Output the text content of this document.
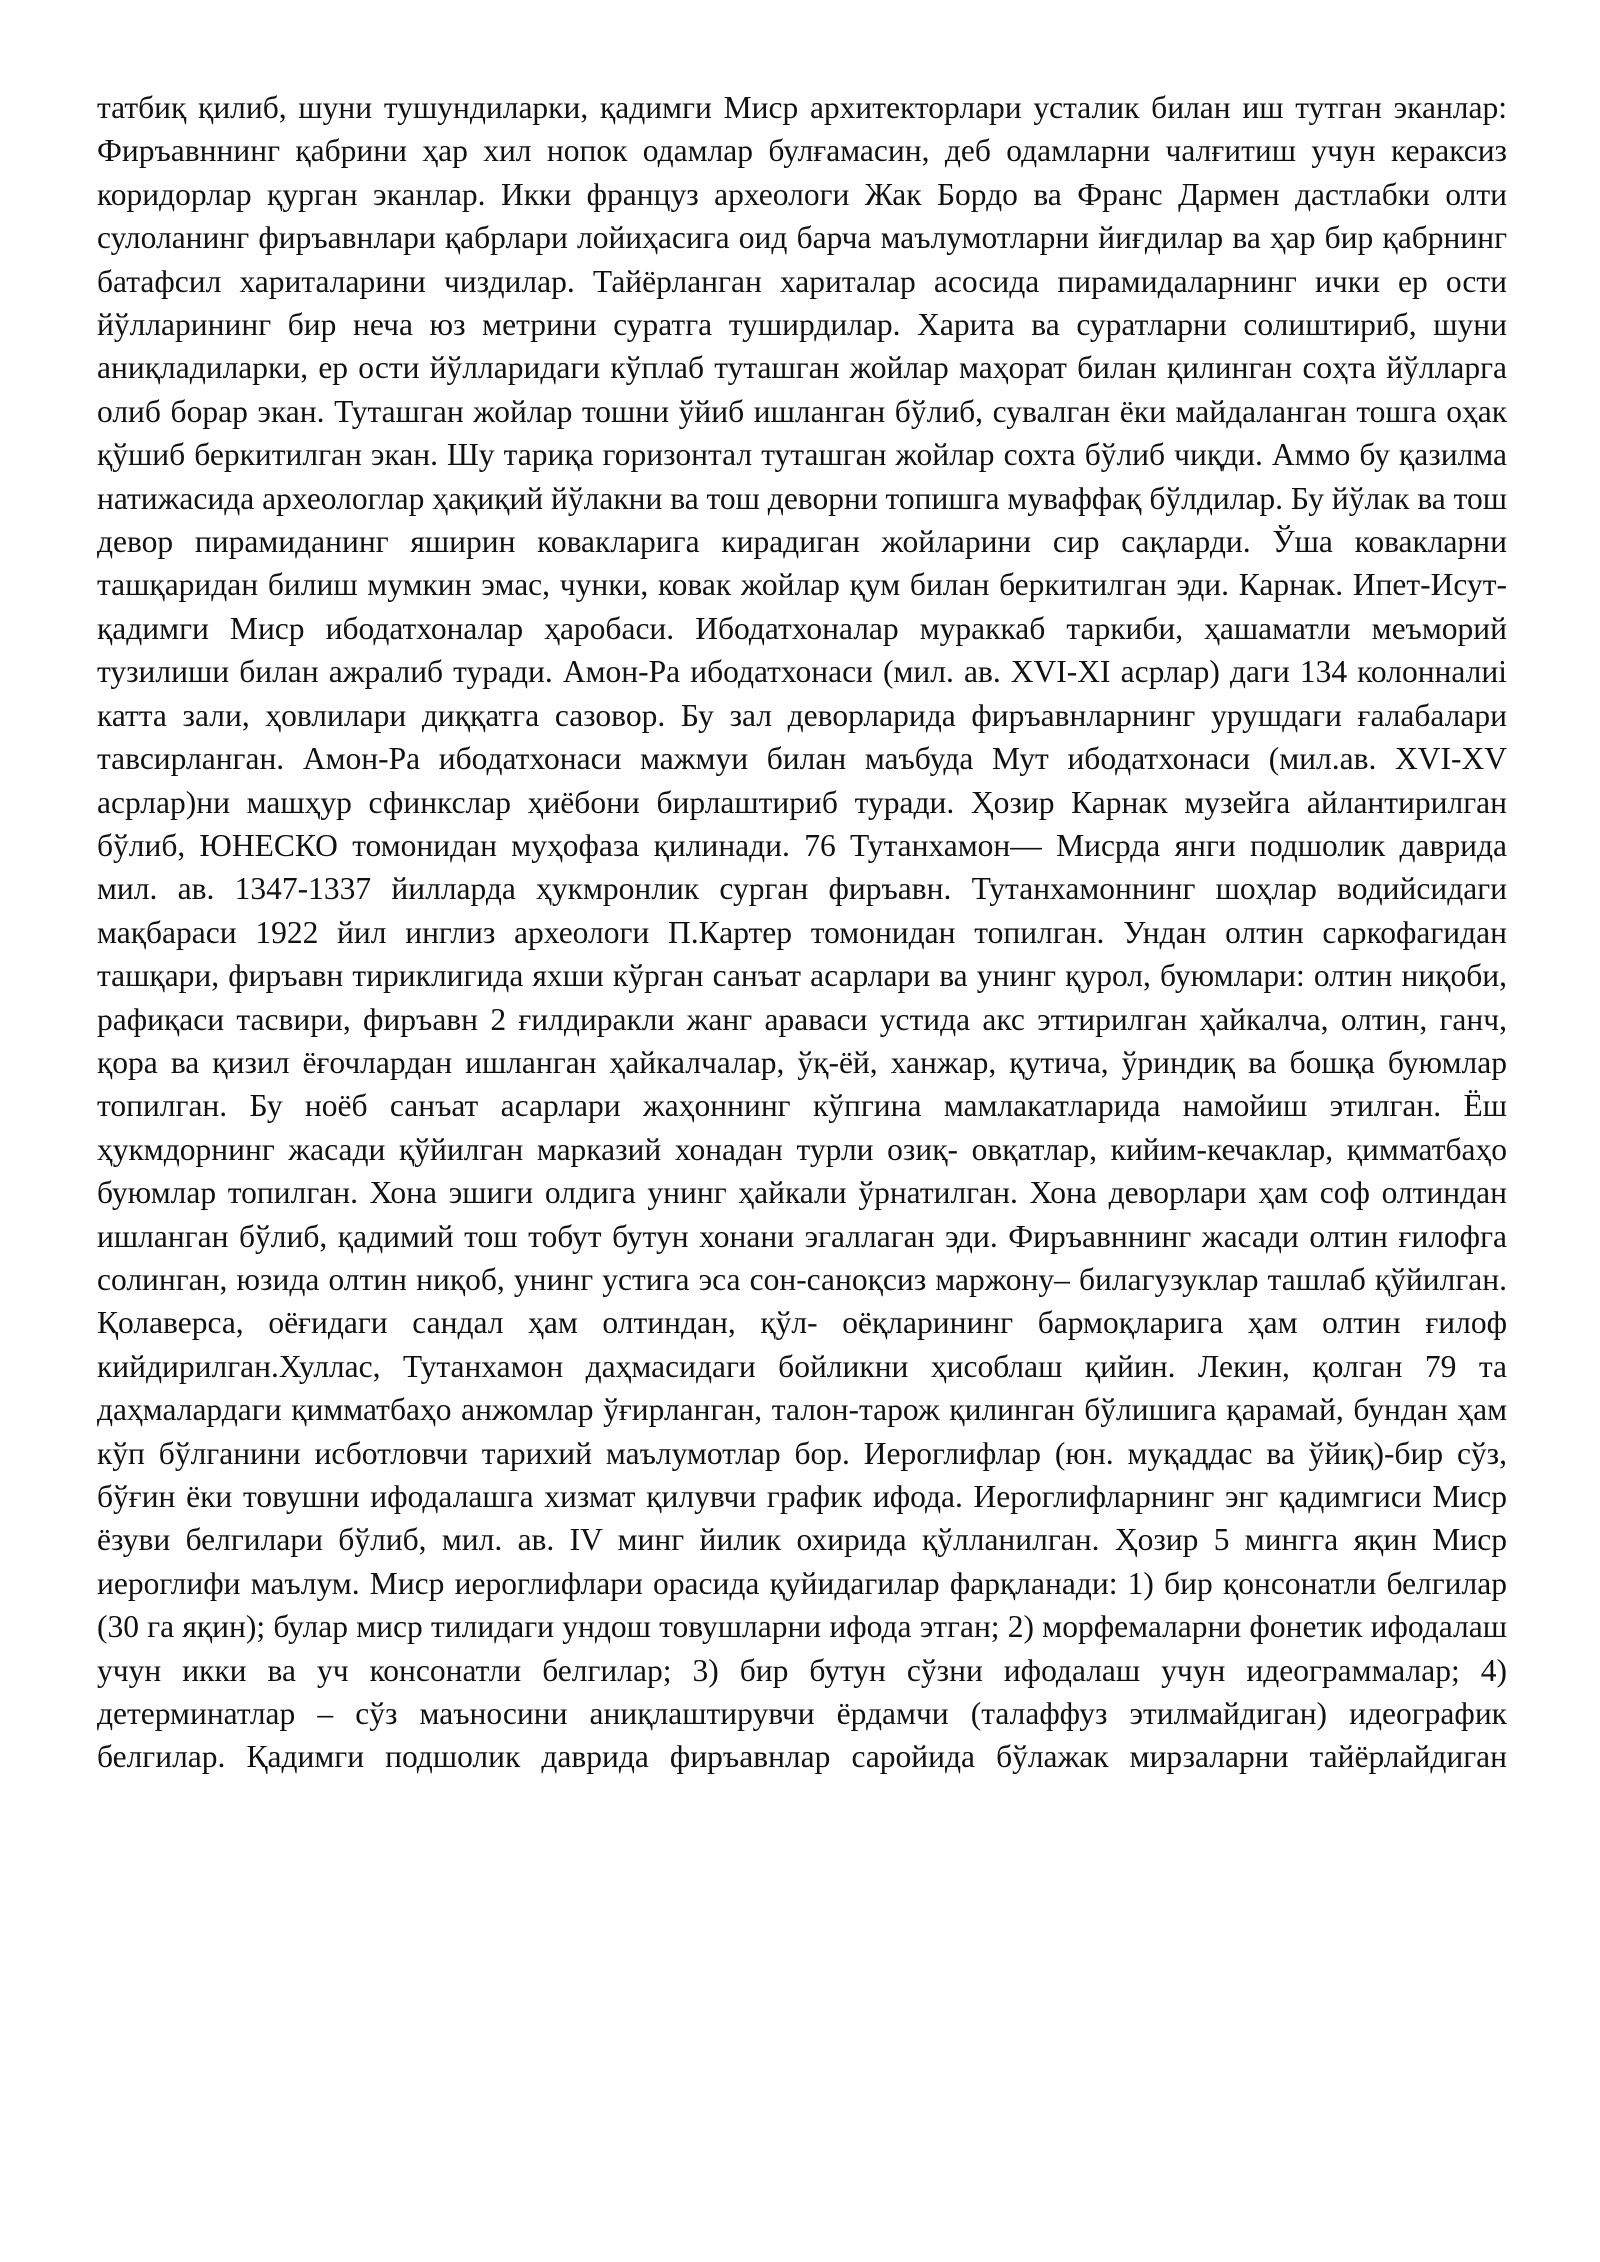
татбиқ қилиб, шуни тушундиларки, қадимги Миср архитекторлари усталик билан иш тутган эканлар: Фиръавннинг қабрини ҳар хил нопок одамлар булғамасин, деб одамларни чалғитиш учун кераксиз коридорлар қурган эканлар. Икки француз археологи Жак Бордо ва Франс Дармен дастлабки олти сулоланинг фиръавнлари қабрлари лойиҳасига оид барча маълумотларни йиғдилар ва ҳар бир қабрнинг батафсил хариталарини чиздилар. Тайёрланган хариталар асосида пирамидаларнинг ички ер ости йўлларининг бир неча юз метрини суратга туширдилар. Харита ва суратларни солиштириб, шуни аниқладиларки, ер ости йўлларидаги кўплаб туташган жойлар маҳорат билан қилинган соҳта йўлларга олиб борар экан. Туташган жойлар тошни ўйиб ишланган бўлиб, сувалган ёки майдаланган тошга оҳак қўшиб беркитилган экан. Шу тариқа горизонтал туташган жойлар сохта бўлиб чиқди. Аммо бу қазилма натижасида археологлар ҳақиқий йўлакни ва тош деворни топишга муваффақ бўлдилар. Бу йўлак ва тош девор пирамиданинг яширин ковакларига кирадиган жойларини сир сақларди. Ўша ковакларни ташқаридан билиш мумкин эмас, чунки, ковак жойлар қум билан беркитилган эди. Карнак. Ипет-Исут-қадимги Миср ибодатхоналар ҳаробаси. Ибодатхоналар мураккаб таркиби, ҳашаматли меъморий тузилиши билан ажралиб туради. Амон-Ра ибодатхонаси (мил. ав. XVI-XI асрлар) даги 134 колонналиі катта зали, ҳовлилари диққатга сазовор. Бу зал деворларида фиръавнларнинг урушдаги ғалабалари тавсирланган. Амон-Ра ибодатхонаси мажмуи билан маъбуда Мут ибодатхонаси (мил.ав. XVI-XV асрлар)ни машҳур сфинкслар ҳиёбони бирлаштириб туради. Ҳозир Карнак музейга айлантирилган бўлиб, ЮНЕСКО томонидан муҳофаза қилинади. 76 Тутанхамон— Мисрда янги подшолик даврида мил. ав. 1347-1337 йилларда ҳукмронлик сурган фиръавн. Тутанхамоннинг шоҳлар водийсидаги мақбараси 1922 йил инглиз археологи П.Картер томонидан топилган. Ундан олтин саркофагидан ташқари, фиръавн тириклигида яхши кўрган санъат асарлари ва унинг қурол, буюмлари: олтин ниқоби, рафиқаси тасвири, фиръавн 2 ғилдиракли жанг араваси устида акс эттирилган ҳайкалча, олтин, ганч, қора ва қизил ёғочлардан ишланган ҳайкалчалар, ўқ-ёй, ханжар, қутича, ўриндиқ ва бошқа буюмлар топилган. Бу ноёб санъат асарлари жаҳоннинг кўпгина мамлакатларида намойиш этилган. Ёш ҳукмдорнинг жасади қўйилган марказий хонадан турли озиқ- овқатлар, кийим-кечаклар, қимматбаҳо буюмлар топилган. Хона эшиги олдига унинг ҳайкали ўрнатилган. Хона деворлари ҳам соф олтиндан ишланган бўлиб, қадимий тош тобут бутун хонани эгаллаган эди. Фиръавннинг жасади олтин ғилофга солинган, юзида олтин ниқоб, унинг устига эса сон-саноқсиз маржону– билагузуклар ташлаб қўйилган. Қолаверса, оёғидаги сандал ҳам олтиндан, қўл- оёқларининг бармоқларига ҳам олтин ғилоф кийдирилган.Хуллас, Тутанхамон даҳмасидаги бойликни ҳисоблаш қийин. Лекин, қолган 79 та даҳмалардаги қимматбаҳо анжомлар ўғирланган, талон-тарож қилинган бўлишига қарамай, бундан ҳам кўп бўлганини исботловчи тарихий маълумотлар бор. Иероглифлар (юн. муқаддас ва ўйиқ)-бир сўз, бўғин ёки товушни ифодалашга хизмат қилувчи график ифода. Иероглифларнинг энг қадимгиси Миср ёзуви белгилари бўлиб, мил. ав. IV минг йилик охирида қўлланилган. Ҳозир 5 мингга яқин Миср иероглифи маълум. Миср иероглифлари орасида қуйидагилар фарқланади: 1) бир қонсонатли белгилар (30 га яқин); булар миср тилидаги ундош товушларни ифода этган; 2) морфемаларни фонетик ифодалаш учун икки ва уч консонатли белгилар; 3) бир бутун сўзни ифодалаш учун идеограммалар; 4) детерминатлар – сўз маъносини аниқлаштирувчи ёрдамчи (талаффуз этилмайдиган) идеографик белгилар. Қадимги подшолик даврида фиръавнлар саройида бўлажак мирзаларни тайёрлайдиган
